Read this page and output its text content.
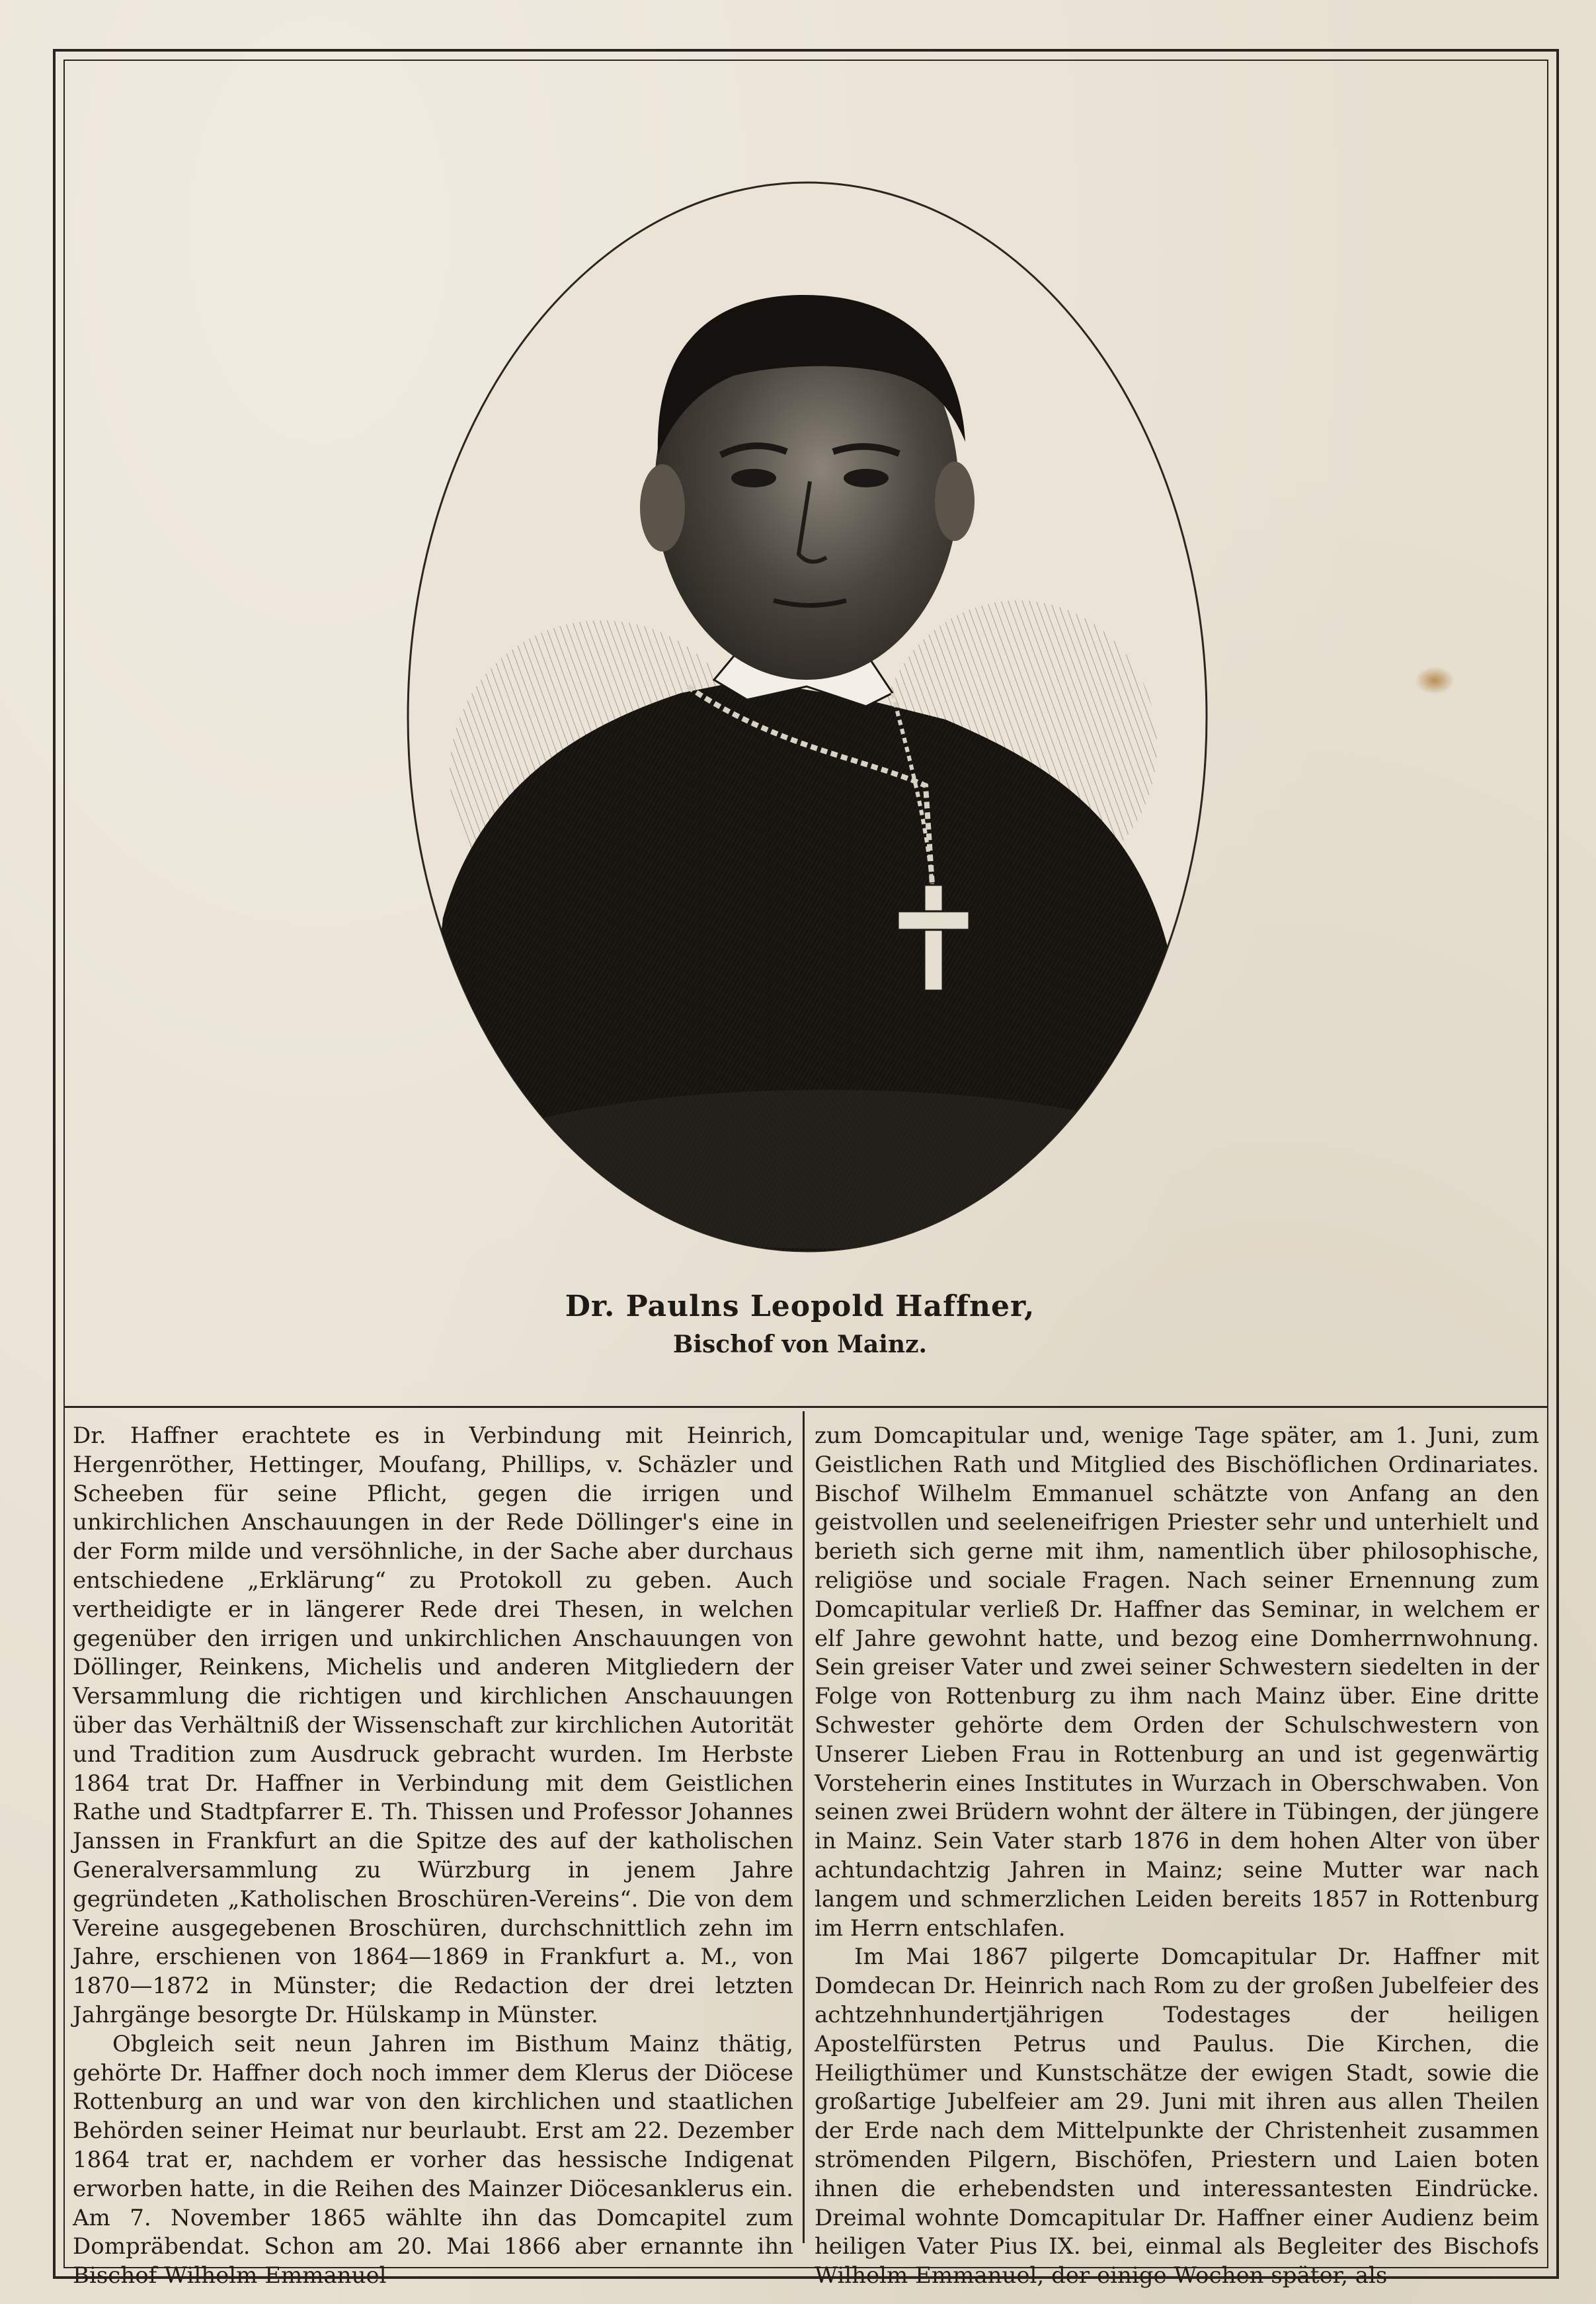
Dr. Paulns Leopold Haffner,
Bischof von Mainz.

Dr. Haffner erachtete es in Verbindung mit Heinrich, Hergenröther, Hettinger, Moufang, Phillips, v. Schäzler und Scheeben für seine Pflicht, gegen die irrigen und unkirchlichen Anschauungen in der Rede Döllinger's eine in der Form milde und versöhnliche, in der Sache aber durchaus entschiedene „Erklärung“ zu Protokoll zu geben. Auch vertheidigte er in längerer Rede drei Thesen, in welchen gegenüber den irrigen und unkirchlichen Anschauungen von Döllinger, Reinkens, Michelis und anderen Mitgliedern der Versammlung die richtigen und kirchlichen Anschauungen über das Verhältniß der Wissenschaft zur kirchlichen Autorität und Tradition zum Ausdruck gebracht wurden. Im Herbste 1864 trat Dr. Haffner in Verbindung mit dem Geistlichen Rathe und Stadtpfarrer E. Th. Thissen und Professor Johannes Janssen in Frankfurt an die Spitze des auf der katholischen Generalversammlung zu Würzburg in jenem Jahre gegründeten „Katholischen Broschüren-Vereins“. Die von dem Vereine ausgegebenen Broschüren, durchschnittlich zehn im Jahre, erschienen von 1864—1869 in Frankfurt a. M., von 1870—1872 in Münster; die Redaction der drei letzten Jahrgänge besorgte Dr. Hülskamp in Münster.

Obgleich seit neun Jahren im Bisthum Mainz thätig, gehörte Dr. Haffner doch noch immer dem Klerus der Diöcese Rottenburg an und war von den kirchlichen und staatlichen Behörden seiner Heimat nur beurlaubt. Erst am 22. Dezember 1864 trat er, nachdem er vorher das hessische Indigenat erworben hatte, in die Reihen des Mainzer Diöcesanklerus ein. Am 7. November 1865 wählte ihn das Domcapitel zum Dompräbendat. Schon am 20. Mai 1866 aber ernannte ihn Bischof Wilhelm Emmanuel

zum Domcapitular und, wenige Tage später, am 1. Juni, zum Geistlichen Rath und Mitglied des Bischöflichen Ordinariates. Bischof Wilhelm Emmanuel schätzte von Anfang an den geistvollen und seeleneifrigen Priester sehr und unterhielt und berieth sich gerne mit ihm, namentlich über philosophische, religiöse und sociale Fragen. Nach seiner Ernennung zum Domcapitular verließ Dr. Haffner das Seminar, in welchem er elf Jahre gewohnt hatte, und bezog eine Domherrnwohnung. Sein greiser Vater und zwei seiner Schwestern siedelten in der Folge von Rottenburg zu ihm nach Mainz über. Eine dritte Schwester gehörte dem Orden der Schulschwestern von Unserer Lieben Frau in Rottenburg an und ist gegenwärtig Vorsteherin eines Institutes in Wurzach in Oberschwaben. Von seinen zwei Brüdern wohnt der ältere in Tübingen, der jüngere in Mainz. Sein Vater starb 1876 in dem hohen Alter von über achtundachtzig Jahren in Mainz; seine Mutter war nach langem und schmerzlichen Leiden bereits 1857 in Rottenburg im Herrn entschlafen.

Im Mai 1867 pilgerte Domcapitular Dr. Haffner mit Domdecan Dr. Heinrich nach Rom zu der großen Jubelfeier des achtzehnhundertjährigen Todestages der heiligen Apostelfürsten Petrus und Paulus. Die Kirchen, die Heiligthümer und Kunstschätze der ewigen Stadt, sowie die großartige Jubelfeier am 29. Juni mit ihren aus allen Theilen der Erde nach dem Mittelpunkte der Christenheit zusammen strömenden Pilgern, Bischöfen, Priestern und Laien boten ihnen die erhebendsten und interessantesten Eindrücke. Dreimal wohnte Domcapitular Dr. Haffner einer Audienz beim heiligen Vater Pius IX. bei, einmal als Begleiter des Bischofs Wilhelm Emmanuel, der einige Wochen später, als
